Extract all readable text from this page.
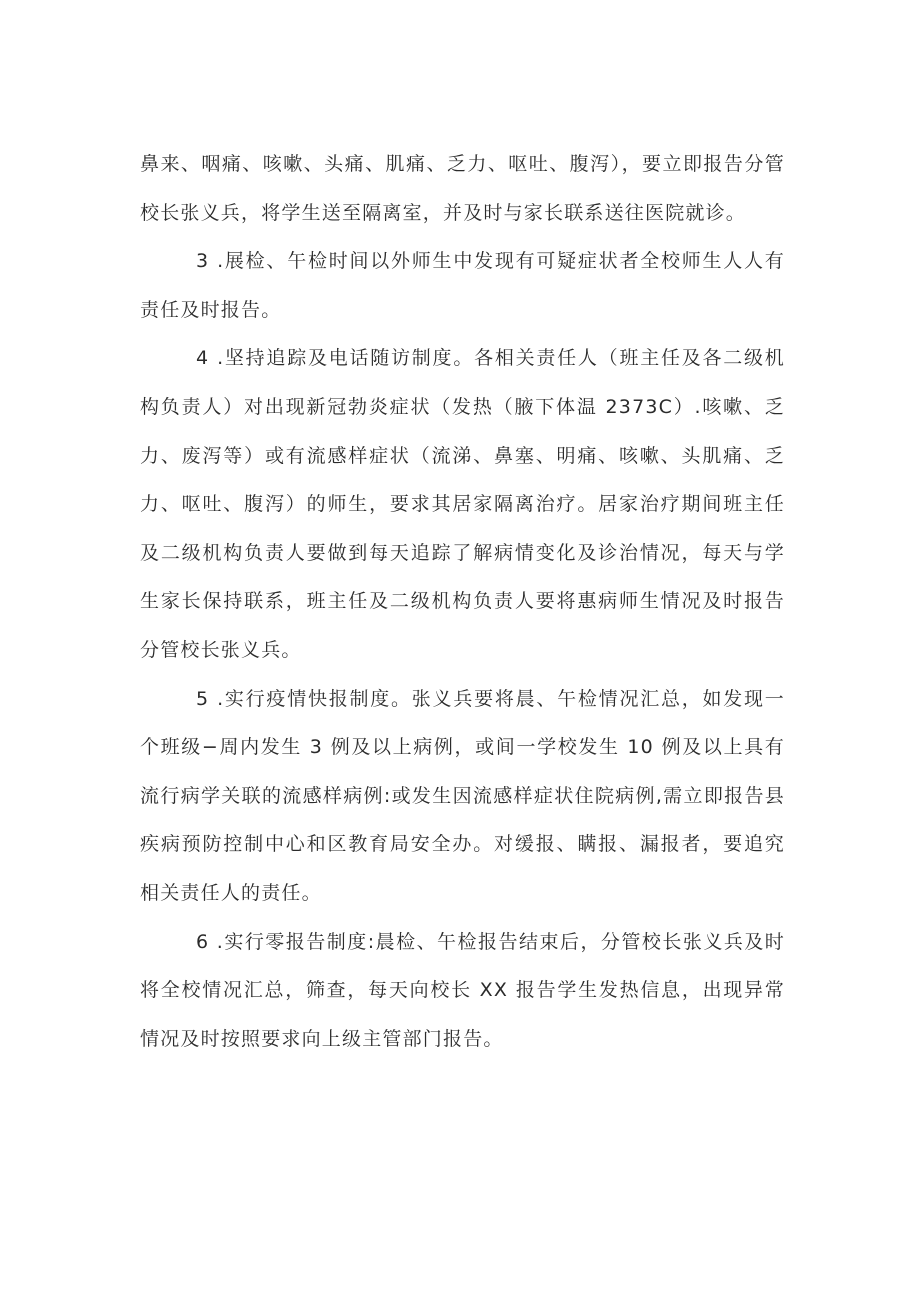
鼻来、咽痛、咳嗽、头痛、肌痛、乏力、呕吐、腹泻），要立即报告分管校长张义兵，将学生送至隔离室，并及时与家长联系送往医院就诊。

3 .展检、午检时间以外师生中发现有可疑症状者全校师生人人有责任及时报告。

4 .坚持追踪及电话随访制度。各相关责任人（班主任及各二级机构负责人）对出现新冠勃炎症状（发热（腋下体温 2373C）.咳嗽、乏力、废泻等）或有流感样症状（流涕、鼻塞、明痛、咳嗽、头肌痛、乏力、呕吐、腹泻）的师生，要求其居家隔离治疗。居家治疗期间班主任及二级机构负责人要做到每天追踪了解病情变化及诊治情况，每天与学生家长保持联系，班主任及二级机构负责人要将惠病师生情况及时报告分管校长张义兵。

5 .实行疫情快报制度。张义兵要将晨、午检情况汇总，如发现一个班级−周内发生 3 例及以上病例，或间一学校发生 10 例及以上具有流行病学关联的流感样病例:或发生因流感样症状住院病例,需立即报告县疾病预防控制中心和区教育局安全办。对缓报、瞒报、漏报者，要追究相关责任人的责任。

6 .实行零报告制度:晨检、午检报告结束后，分管校长张义兵及时将全校情况汇总，筛查，每天向校长 XX 报告学生发热信息，出现异常情况及时按照要求向上级主管部门报告。
